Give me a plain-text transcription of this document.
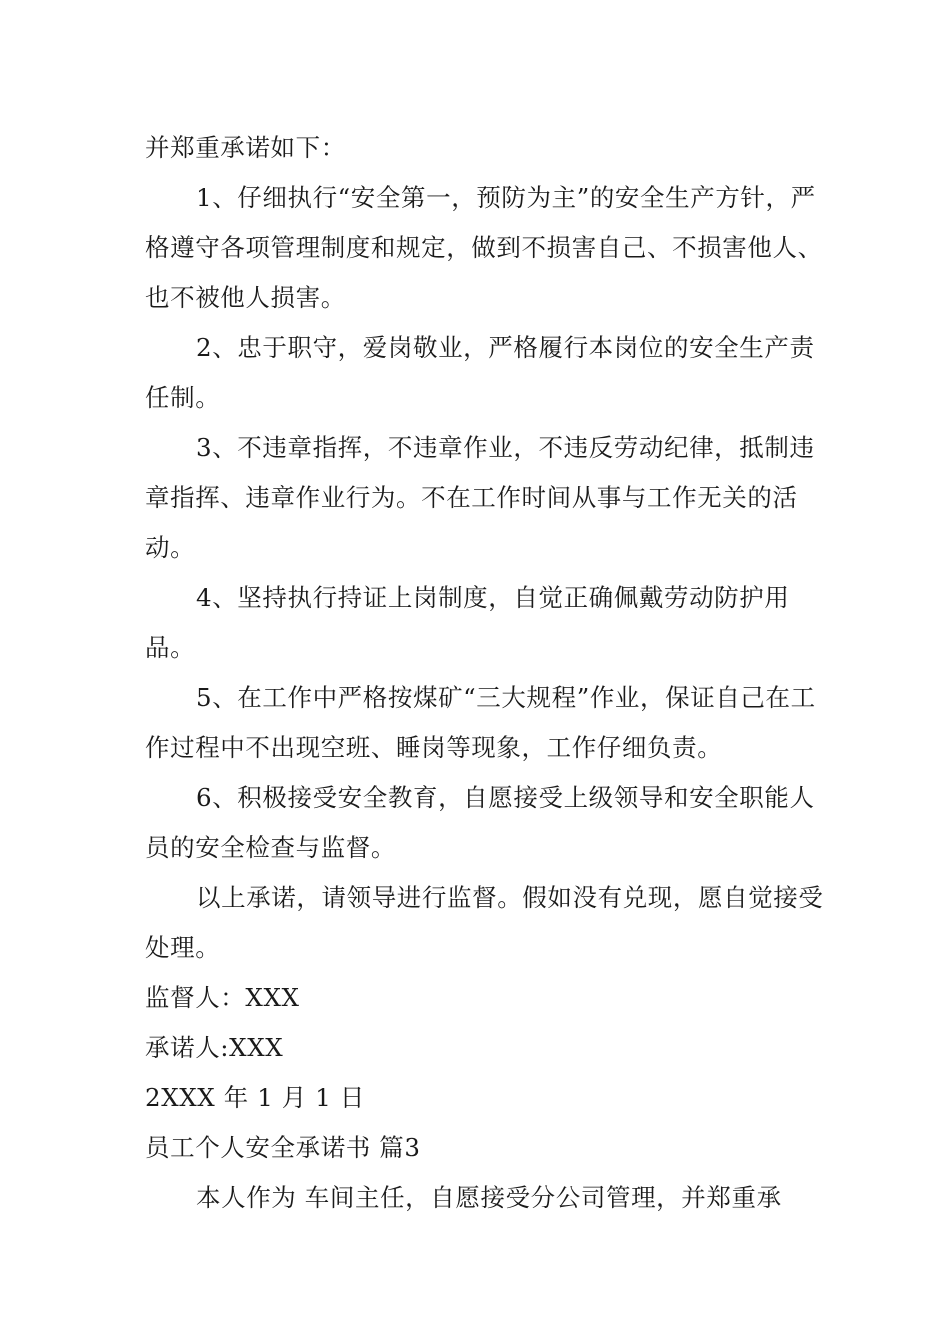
并郑重承诺如下：

1、仔细执行“安全第一，预防为主”的安全生产方针，严格遵守各项管理制度和规定，做到不损害自己、不损害他人、也不被他人损害。

2、忠于职守，爱岗敬业，严格履行本岗位的安全生产责任制。

3、不违章指挥，不违章作业，不违反劳动纪律，抵制违章指挥、违章作业行为。不在工作时间从事与工作无关的活动。

4、坚持执行持证上岗制度，自觉正确佩戴劳动防护用品。

5、在工作中严格按煤矿“三大规程”作业，保证自己在工作过程中不出现空班、睡岗等现象，工作仔细负责。

6、积极接受安全教育，自愿接受上级领导和安全职能人员的安全检查与监督。

以上承诺，请领导进行监督。假如没有兑现，愿自觉接受处理。

监督人：XXX

承诺人:XXX

2XXX 年 1 月 1 日

员工个人安全承诺书 篇3

本人作为 车间主任，自愿接受分公司管理，并郑重承
